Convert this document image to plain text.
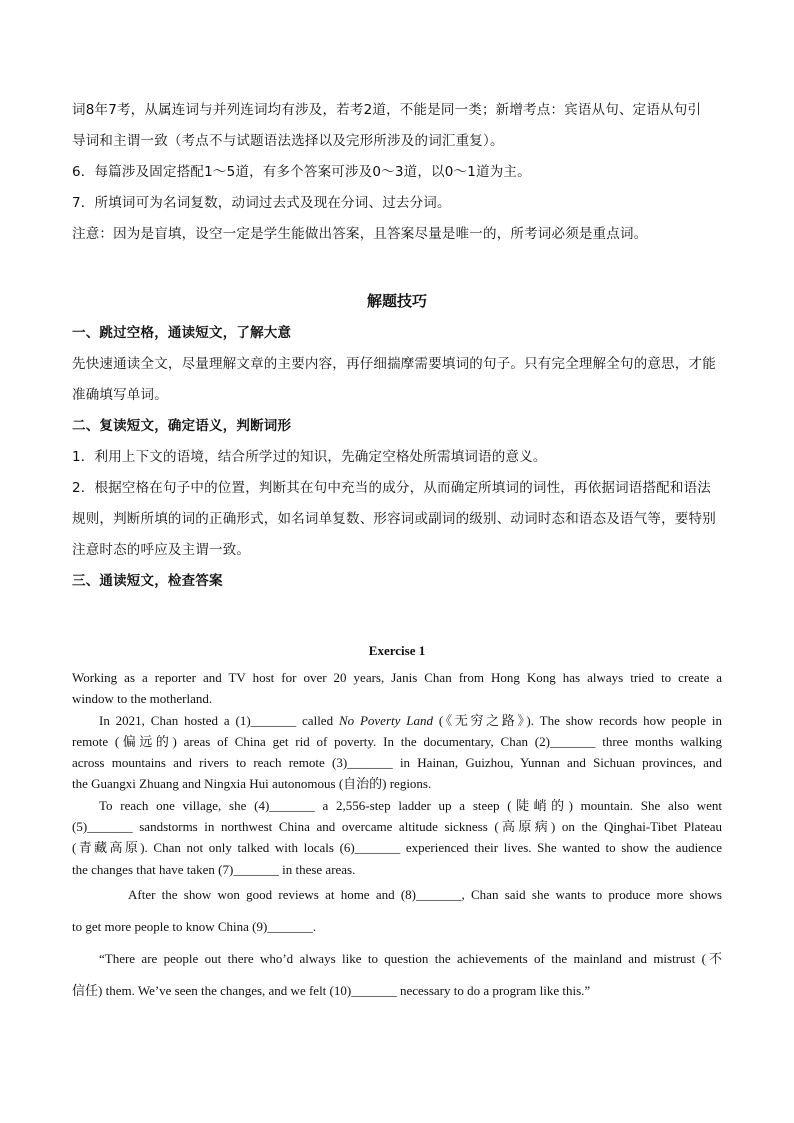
词8年7考，从属连词与并列连词均有涉及，若考2道，不能是同一类；新增考点：宾语从句、定语从句引
导词和主谓一致（考点不与试题语法选择以及完形所涉及的词汇重复）。
6．每篇涉及固定搭配1～5道，有多个答案可涉及0～3道，以0～1道为主。
7．所填词可为名词复数，动词过去式及现在分词、过去分词。
注意：因为是盲填，设空一定是学生能做出答案，且答案尽量是唯一的，所考词必须是重点词。
解题技巧
一、跳过空格，通读短文，了解大意
先快速通读全文，尽量理解文章的主要内容，再仔细揣摩需要填词的句子。只有完全理解全句的意思，才能
准确填写单词。
二、复读短文，确定语义，判断词形
1．利用上下文的语境，结合所学过的知识，先确定空格处所需填词语的意义。
2．根据空格在句子中的位置，判断其在句中充当的成分，从而确定所填词的词性，再依据词语搭配和语法
规则，判断所填的词的正确形式，如名词单复数、形容词或副词的级别、动词时态和语态及语气等，要特别
注意时态的呼应及主谓一致。
三、通读短文，检查答案
Exercise 1
Working as a reporter and TV host for over 20 years, Janis Chan from Hong Kong has always tried to create a
window to the motherland.
In 2021, Chan hosted a (1)_______ called No Poverty Land (《无穷之路》). The show records how people in
remote (偏远的) areas of China get rid of poverty. In the documentary, Chan (2)_______ three months walking
across mountains and rivers to reach remote (3)_______ in Hainan, Guizhou, Yunnan and Sichuan provinces, and
the Guangxi Zhuang and Ningxia Hui autonomous (自治的) regions.
To reach one village, she (4)_______ a 2,556-step ladder up a steep (陡峭的) mountain. She also went
(5)_______ sandstorms in northwest China and overcame altitude sickness (高原病) on the Qinghai-Tibet Plateau
(青藏高原). Chan not only talked with locals (6)_______ experienced their lives. She wanted to show the audience
the changes that have taken (7)_______ in these areas.
After the show won good reviews at home and (8)_______, Chan said she wants to produce more shows
to get more people to know China (9)_______.
“There are people out there who’d always like to question the achievements of the mainland and mistrust (不
信任) them. We’ve seen the changes, and we felt (10)_______ necessary to do a program like this.”
